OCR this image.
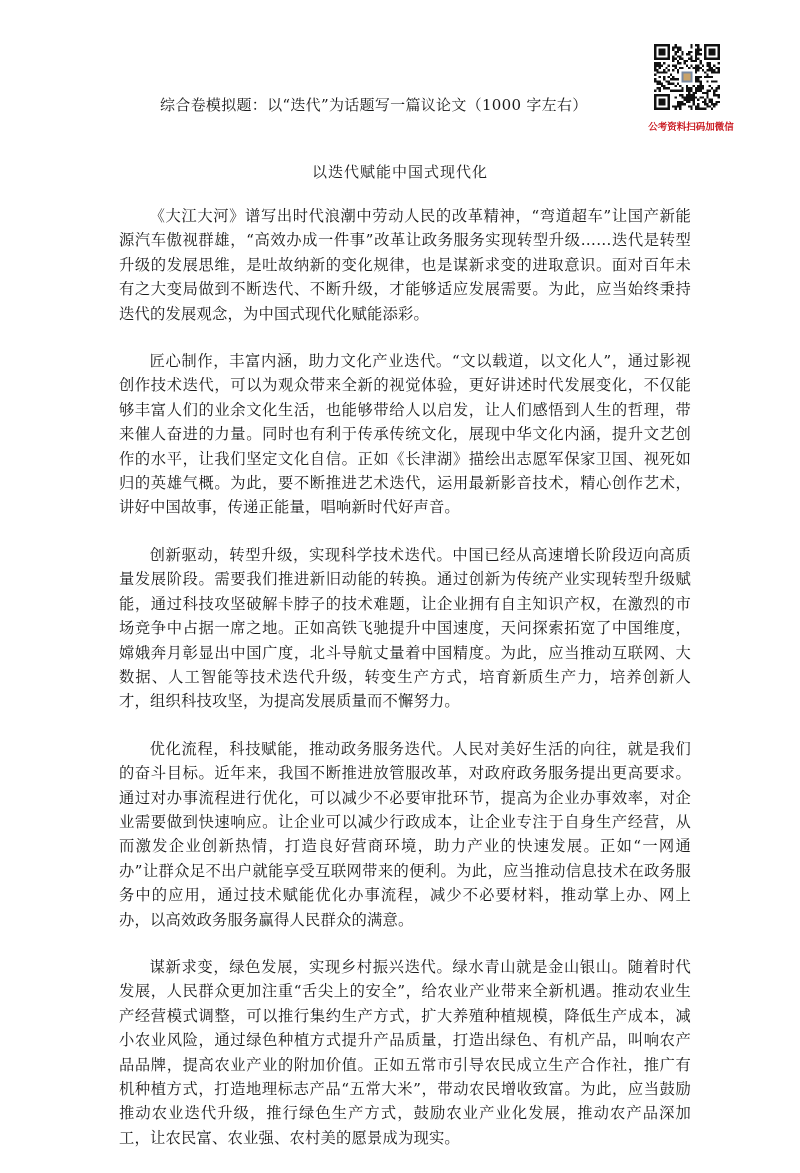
公考资料扫码加微信
综合卷模拟题：以“迭代”为话题写一篇议论文（1000 字左右）
以迭代赋能中国式现代化

《大江大河》谱写出时代浪潮中劳动人民的改革精神，“弯道超车”让国产新能源汽车傲视群雄，“高效办成一件事”改革让政务服务实现转型升级……迭代是转型升级的发展思维，是吐故纳新的变化规律，也是谋新求变的进取意识。面对百年未有之大变局做到不断迭代、不断升级，才能够适应发展需要。为此，应当始终秉持迭代的发展观念，为中国式现代化赋能添彩。

匠心制作，丰富内涵，助力文化产业迭代。“文以载道，以文化人”，通过影视创作技术迭代，可以为观众带来全新的视觉体验，更好讲述时代发展变化，不仅能够丰富人们的业余文化生活，也能够带给人以启发，让人们感悟到人生的哲理，带来催人奋进的力量。同时也有利于传承传统文化，展现中华文化内涵，提升文艺创作的水平，让我们坚定文化自信。正如《长津湖》描绘出志愿军保家卫国、视死如归的英雄气概。为此，要不断推进艺术迭代，运用最新影音技术，精心创作艺术，讲好中国故事，传递正能量，唱响新时代好声音。

创新驱动，转型升级，实现科学技术迭代。中国已经从高速增长阶段迈向高质量发展阶段。需要我们推进新旧动能的转换。通过创新为传统产业实现转型升级赋能，通过科技攻坚破解卡脖子的技术难题，让企业拥有自主知识产权，在激烈的市场竞争中占据一席之地。正如高铁飞驰提升中国速度，天问探索拓宽了中国维度，嫦娥奔月彰显出中国广度，北斗导航丈量着中国精度。为此，应当推动互联网、大数据、人工智能等技术迭代升级，转变生产方式，培育新质生产力，培养创新人才，组织科技攻坚，为提高发展质量而不懈努力。

优化流程，科技赋能，推动政务服务迭代。人民对美好生活的向往，就是我们的奋斗目标。近年来，我国不断推进放管服改革，对政府政务服务提出更高要求。通过对办事流程进行优化，可以减少不必要审批环节，提高为企业办事效率，对企业需要做到快速响应。让企业可以减少行政成本，让企业专注于自身生产经营，从而激发企业创新热情，打造良好营商环境，助力产业的快速发展。正如“一网通办”让群众足不出户就能享受互联网带来的便利。为此，应当推动信息技术在政务服务中的应用，通过技术赋能优化办事流程，减少不必要材料，推动掌上办、网上办，以高效政务服务赢得人民群众的满意。

谋新求变，绿色发展，实现乡村振兴迭代。绿水青山就是金山银山。随着时代发展，人民群众更加注重“舌尖上的安全”，给农业产业带来全新机遇。推动农业生产经营模式调整，可以推行集约生产方式，扩大养殖种植规模，降低生产成本，减小农业风险，通过绿色种植方式提升产品质量，打造出绿色、有机产品，叫响农产品品牌，提高农业产业的附加价值。正如五常市引导农民成立生产合作社，推广有机种植方式，打造地理标志产品“五常大米”，带动农民增收致富。为此，应当鼓励推动农业迭代升级，推行绿色生产方式，鼓励农业产业化发展，推动农产品深加工，让农民富、农业强、农村美的愿景成为现实。
